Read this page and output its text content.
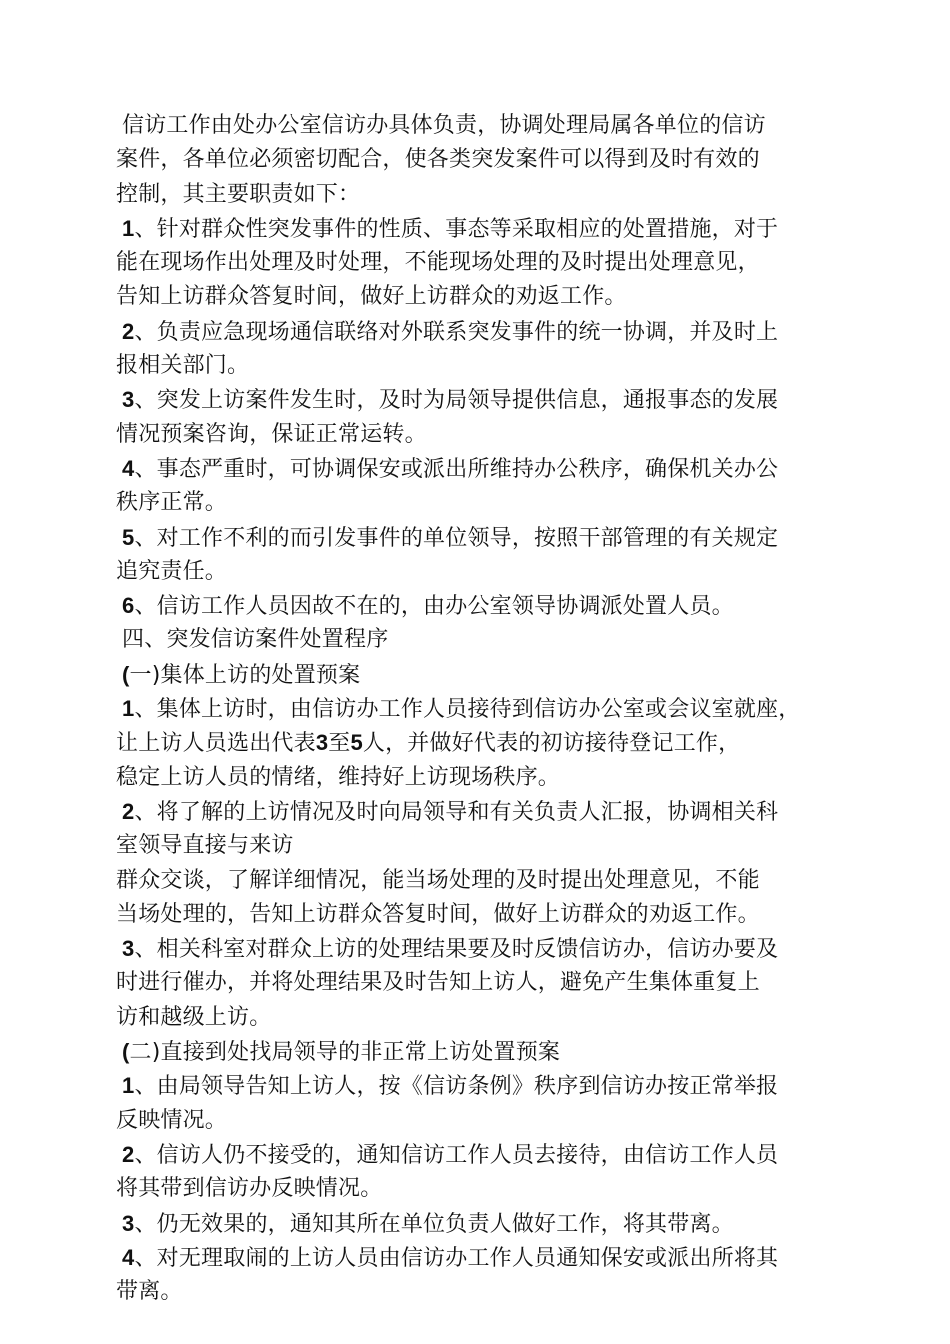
信访工作由处办公室信访办具体负责，协调处理局属各单位的信访
案件，各单位必须密切配合，使各类突发案件可以得到及时有效的
控制，其主要职责如下：
1、针对群众性突发事件的性质、事态等采取相应的处置措施，对于
能在现场作出处理及时处理，不能现场处理的及时提出处理意见，
告知上访群众答复时间，做好上访群众的劝返工作。
2、负责应急现场通信联络对外联系突发事件的统一协调，并及时上
报相关部门。
3、突发上访案件发生时，及时为局领导提供信息，通报事态的发展
情况预案咨询，保证正常运转。
4、事态严重时，可协调保安或派出所维持办公秩序，确保机关办公
秩序正常。
5、对工作不利的而引发事件的单位领导，按照干部管理的有关规定
追究责任。
6、信访工作人员因故不在的，由办公室领导协调派处置人员。
四、突发信访案件处置程序
(一)集体上访的处置预案
1、集体上访时，由信访办工作人员接待到信访办公室或会议室就座，
让上访人员选出代表3至5人，并做好代表的初访接待登记工作，
稳定上访人员的情绪，维持好上访现场秩序。
2、将了解的上访情况及时向局领导和有关负责人汇报，协调相关科
室领导直接与来访
群众交谈，了解详细情况，能当场处理的及时提出处理意见，不能
当场处理的，告知上访群众答复时间，做好上访群众的劝返工作。
3、相关科室对群众上访的处理结果要及时反馈信访办，信访办要及
时进行催办，并将处理结果及时告知上访人，避免产生集体重复上
访和越级上访。
(二)直接到处找局领导的非正常上访处置预案
1、由局领导告知上访人，按《信访条例》秩序到信访办按正常举报
反映情况。
2、信访人仍不接受的，通知信访工作人员去接待，由信访工作人员
将其带到信访办反映情况。
3、仍无效果的，通知其所在单位负责人做好工作，将其带离。
4、对无理取闹的上访人员由信访办工作人员通知保安或派出所将其
带离。
